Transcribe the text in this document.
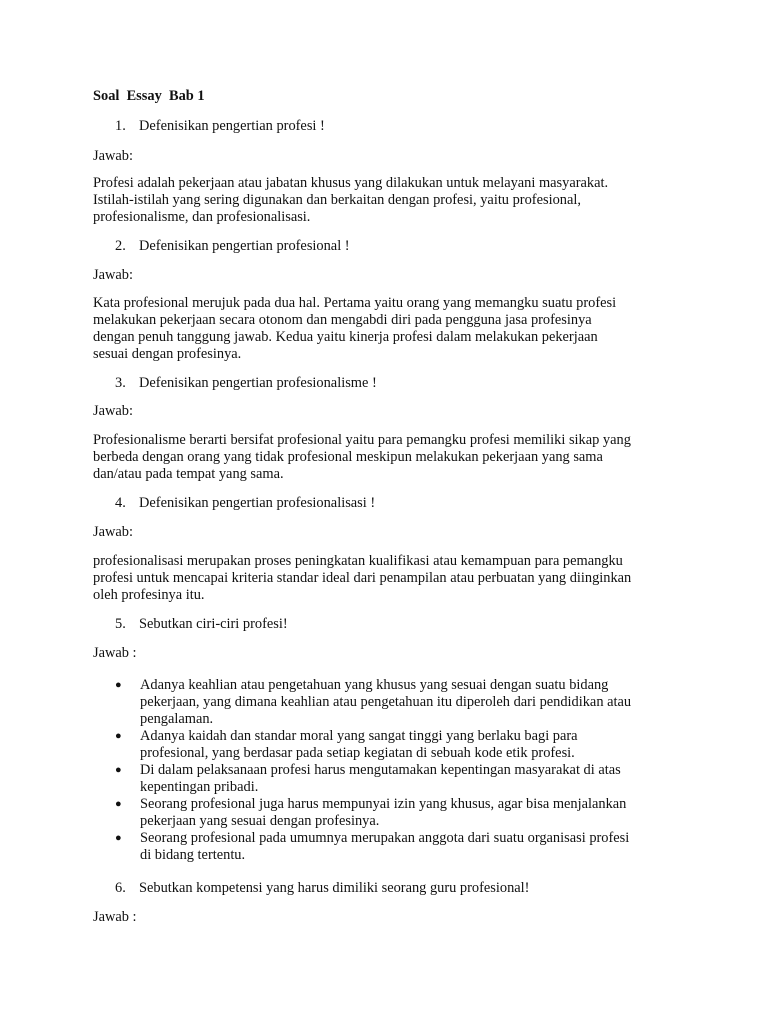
Soal  Essay  Bab 1
1. Defenisikan pengertian profesi !
Jawab:
Profesi adalah pekerjaan atau jabatan khusus yang dilakukan untuk melayani masyarakat.
Istilah-istilah yang sering digunakan dan berkaitan dengan profesi, yaitu profesional,
profesionalisme, dan profesionalisasi.
2. Defenisikan pengertian profesional !
Jawab:
Kata profesional merujuk pada dua hal. Pertama yaitu orang yang memangku suatu profesi
melakukan pekerjaan secara otonom dan mengabdi diri pada pengguna jasa profesinya
dengan penuh tanggung jawab. Kedua yaitu kinerja profesi dalam melakukan pekerjaan
sesuai dengan profesinya.
3. Defenisikan pengertian profesionalisme !
Jawab:
Profesionalisme berarti bersifat profesional yaitu para pemangku profesi memiliki sikap yang
berbeda dengan orang yang tidak profesional meskipun melakukan pekerjaan yang sama
dan/atau pada tempat yang sama.
4. Defenisikan pengertian profesionalisasi !
Jawab:
profesionalisasi merupakan proses peningkatan kualifikasi atau kemampuan para pemangku
profesi untuk mencapai kriteria standar ideal dari penampilan atau perbuatan yang diinginkan
oleh profesinya itu.
5. Sebutkan ciri-ciri profesi!
Jawab :
● Adanya keahlian atau pengetahuan yang khusus yang sesuai dengan suatu bidang
pekerjaan, yang dimana keahlian atau pengetahuan itu diperoleh dari pendidikan atau
pengalaman.
● Adanya kaidah dan standar moral yang sangat tinggi yang berlaku bagi para
profesional, yang berdasar pada setiap kegiatan di sebuah kode etik profesi.
● Di dalam pelaksanaan profesi harus mengutamakan kepentingan masyarakat di atas
kepentingan pribadi.
● Seorang profesional juga harus mempunyai izin yang khusus, agar bisa menjalankan
pekerjaan yang sesuai dengan profesinya.
● Seorang profesional pada umumnya merupakan anggota dari suatu organisasi profesi
di bidang tertentu.
6. Sebutkan kompetensi yang harus dimiliki seorang guru profesional!
Jawab :
